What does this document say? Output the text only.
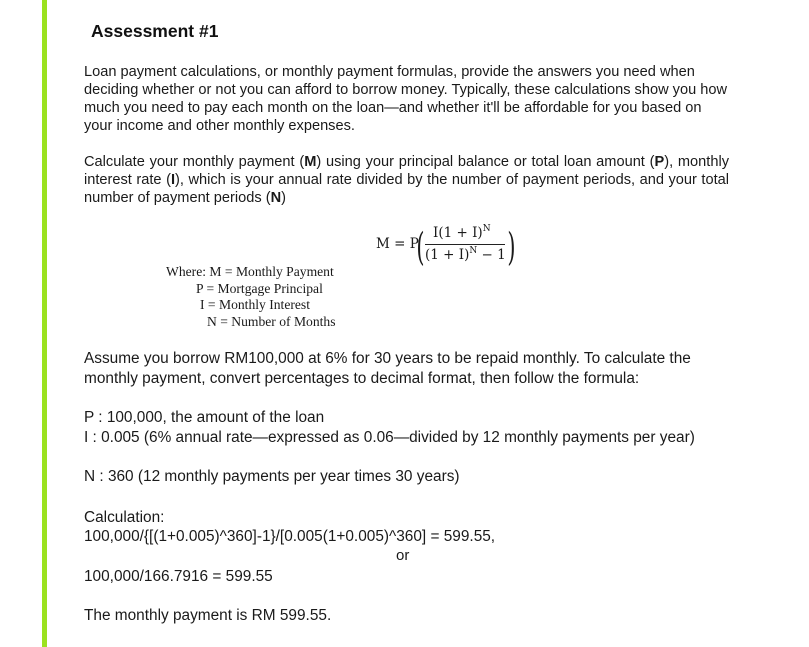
Assessment #1
Loan payment calculations, or monthly payment formulas, provide the answers you need when deciding whether or not you can afford to borrow money. Typically, these calculations show you how much you need to pay each month on the loan—and whether it'll be affordable for you based on your income and other monthly expenses.
Calculate your monthly payment (M) using your principal balance or total loan amount (P), monthly interest rate (I), which is your annual rate divided by the number of payment periods, and your total number of payment periods (N)
M = P
( $I(1 + I)^N$
$(1 + I)^N - 1$ )
Where: M = Monthly Payment
P = Mortgage Principal
I = Monthly Interest
N = Number of Months
Assume you borrow RM100,000 at 6% for 30 years to be repaid monthly. To calculate the monthly payment, convert percentages to decimal format, then follow the formula:
P : 100,000, the amount of the loan
I : 0.005 (6% annual rate—expressed as 0.06—divided by 12 monthly payments per year)
N : 360 (12 monthly payments per year times 30 years)
Calculation:
100,000/{[(1+0.005)^360]-1}/[0.005(1+0.005)^360] = 599.55,
or
100,000/166.7916 = 599.55
The monthly payment is RM 599.55.
